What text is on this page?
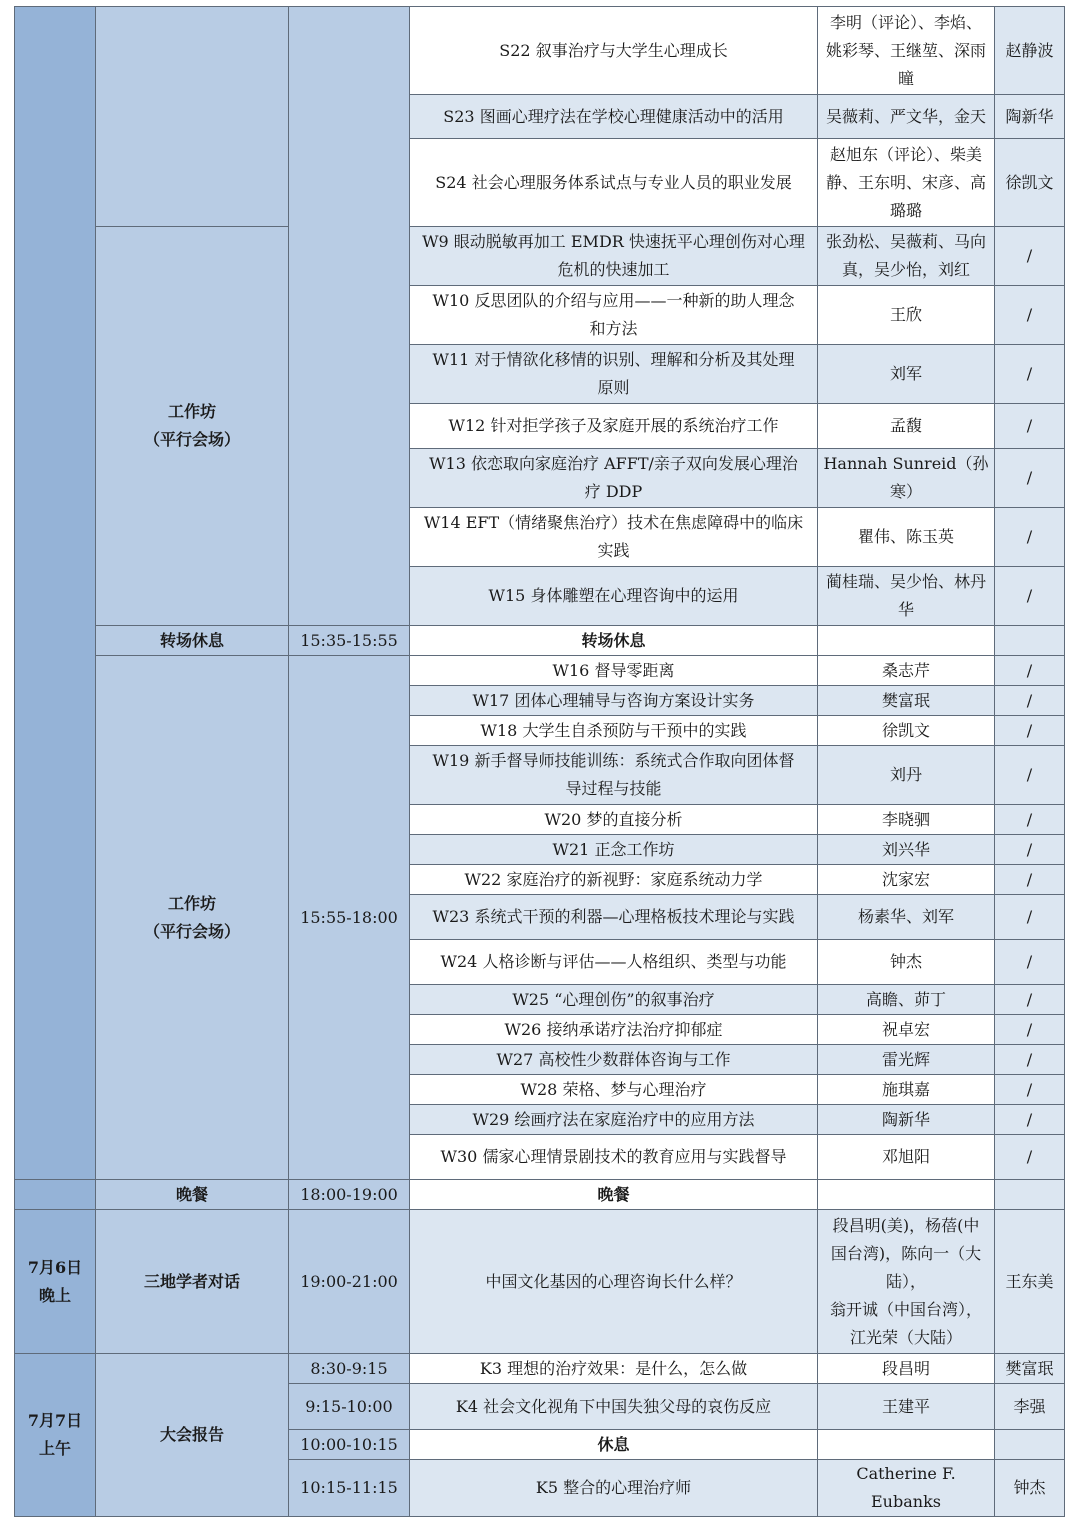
			S22 叙事治疗与大学生心理成长	李明（评论）、李焰、
姚彩琴、王继堃、深雨
曈	赵静波
			S23 图画心理疗法在学校心理健康活动中的活用	吴薇莉、严文华，金天	陶新华
			S24 社会心理服务体系试点与专业人员的职业发展	赵旭东（评论）、柴美
静、王东明、宋彦、高
璐璐	徐凯文
	工作坊
（平行会场）		W9 眼动脱敏再加工 EMDR 快速抚平心理创伤对心理
危机的快速加工	张劲松、吴薇莉、马向
真，吴少怡，刘红	/
			W10 反思团队的介绍与应用——一种新的助人理念
和方法	王欣	/
			W11 对于情欲化移情的识别、理解和分析及其处理
原则	刘军	/
			W12 针对拒学孩子及家庭开展的系统治疗工作	孟馥	/
			W13 依恋取向家庭治疗 AFFT/亲子双向发展心理治
疗 DDP	Hannah Sunreid（孙
寒）	/
			W14 EFT（情绪聚焦治疗）技术在焦虑障碍中的临床
实践	瞿伟、陈玉英	/
			W15 身体雕塑在心理咨询中的运用	蔺桂瑞、吴少怡、林丹
华	/
	转场休息	15:35-15:55	转场休息		
	工作坊
（平行会场）	15:55-18:00	W16 督导零距离	桑志芹	/
			W17 团体心理辅导与咨询方案设计实务	樊富珉	/
			W18 大学生自杀预防与干预中的实践	徐凯文	/
			W19 新手督导师技能训练：系统式合作取向团体督
导过程与技能	刘丹	/
			W20 梦的直接分析	李晓驷	/
			W21 正念工作坊	刘兴华	/
			W22 家庭治疗的新视野：家庭系统动力学	沈家宏	/
			W23 系统式干预的利器—心理格板技术理论与实践	杨素华、刘军	/
			W24 人格诊断与评估——人格组织、类型与功能	钟杰	/
			W25 “心理创伤”的叙事治疗	高瞻、茆丁	/
			W26 接纳承诺疗法治疗抑郁症	祝卓宏	/
			W27 高校性少数群体咨询与工作	雷光辉	/
			W28 荣格、梦与心理治疗	施琪嘉	/
			W29 绘画疗法在家庭治疗中的应用方法	陶新华	/
			W30 儒家心理情景剧技术的教育应用与实践督导	邓旭阳	/
	晚餐	18:00-19:00	晚餐		
7月6日
晚上	三地学者对话	19:00-21:00	中国文化基因的心理咨询长什么样？	段昌明(美)，杨蓓(中
国台湾)，陈向一（大
陆），
翁开诚（中国台湾），
江光荣（大陆）	王东美
7月7日
上午	大会报告	8:30-9:15	K3 理想的治疗效果：是什么，怎么做	段昌明	樊富珉
		9:15-10:00	K4 社会文化视角下中国失独父母的哀伤反应	王建平	李强
		10:00-10:15	休息		
		10:15-11:15	K5 整合的心理治疗师	Catherine F. Eubanks	钟杰
